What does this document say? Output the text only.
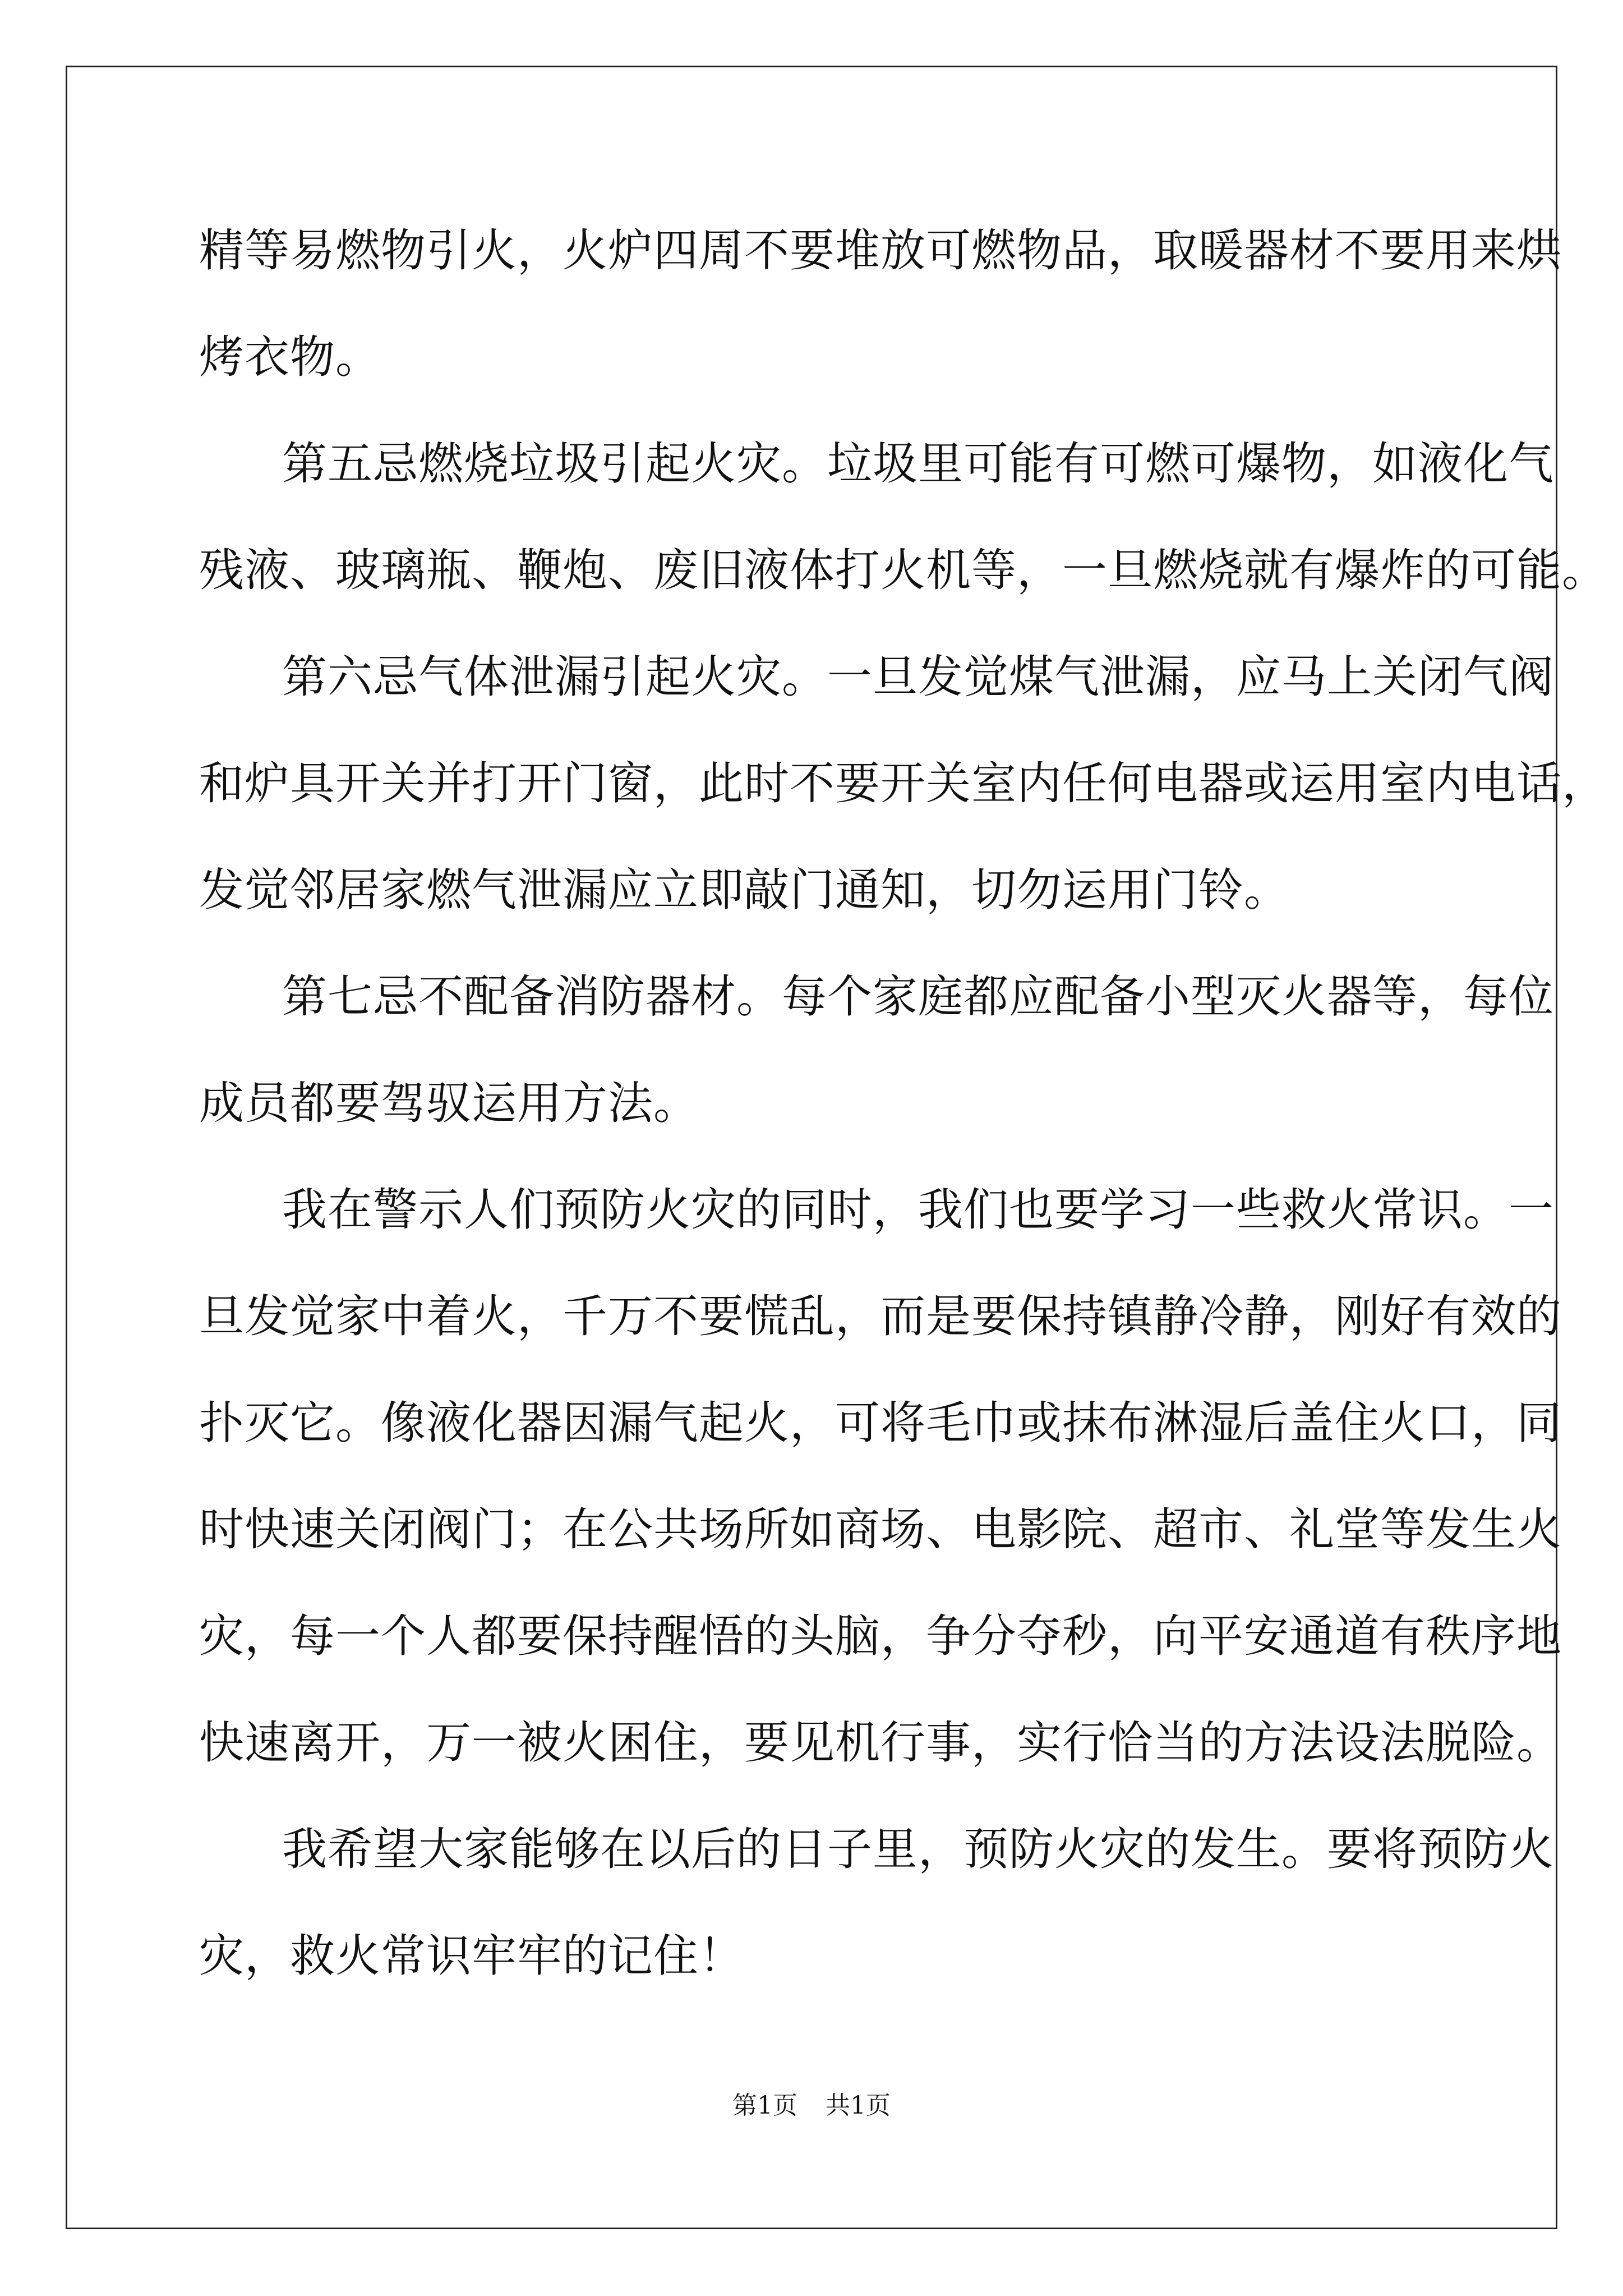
精等易燃物引火，火炉四周不要堆放可燃物品，取暖器材不要用来烘
烤衣物。
第五忌燃烧垃圾引起火灾。垃圾里可能有可燃可爆物，如液化气
残液、玻璃瓶、鞭炮、废旧液体打火机等，一旦燃烧就有爆炸的可能。
第六忌气体泄漏引起火灾。一旦发觉煤气泄漏，应马上关闭气阀
和炉具开关并打开门窗，此时不要开关室内任何电器或运用室内电话，
发觉邻居家燃气泄漏应立即敲门通知，切勿运用门铃。
第七忌不配备消防器材。每个家庭都应配备小型灭火器等，每位
成员都要驾驭运用方法。
我在警示人们预防火灾的同时，我们也要学习一些救火常识。一
旦发觉家中着火，千万不要慌乱，而是要保持镇静冷静，刚好有效的
扑灭它。像液化器因漏气起火，可将毛巾或抹布淋湿后盖住火口，同
时快速关闭阀门；在公共场所如商场、电影院、超市、礼堂等发生火
灾，每一个人都要保持醒悟的头脑，争分夺秒，向平安通道有秩序地
快速离开，万一被火困住，要见机行事，实行恰当的方法设法脱险。
我希望大家能够在以后的日子里，预防火灾的发生。要将预防火
灾，救火常识牢牢的记住！
第1页 共1页
